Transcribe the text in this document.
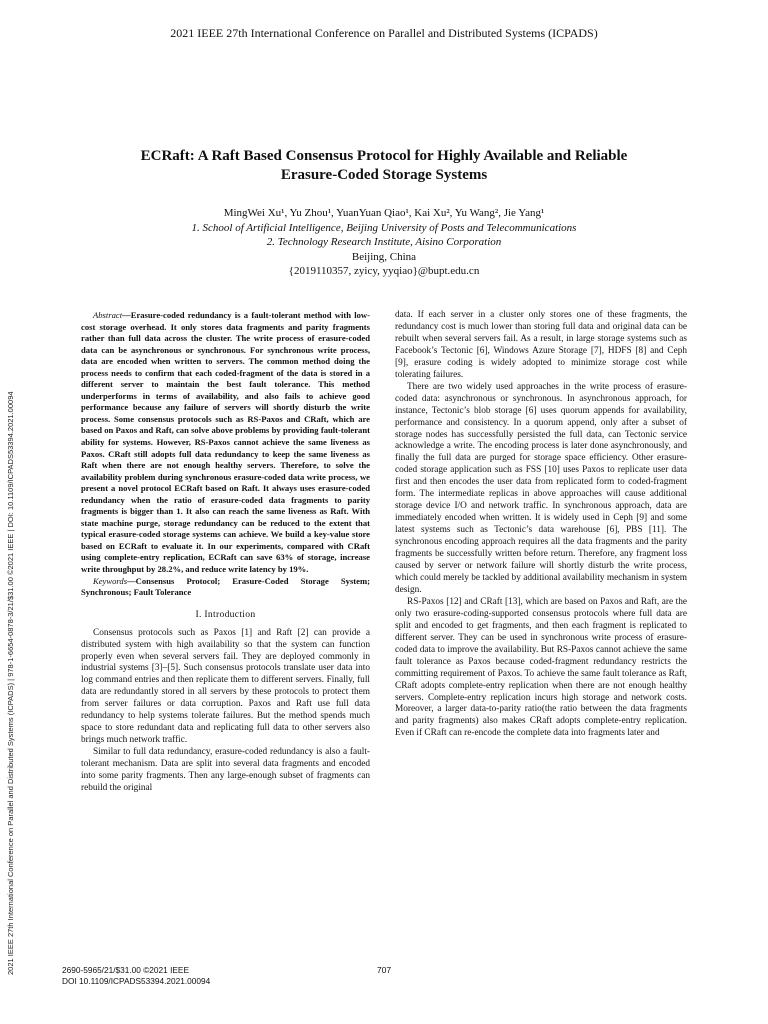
2021 IEEE 27th International Conference on Parallel and Distributed Systems (ICPADS)
2021 IEEE 27th International Conference on Parallel and Distributed Systems (ICPADS) | 978-1-6654-0878-3/21/$31.00 ©2021 IEEE | DOI: 10.1109/ICPADS53394.2021.00094
ECRaft: A Raft Based Consensus Protocol for Highly Available and Reliable
Erasure-Coded Storage Systems
MingWei Xu¹, Yu Zhou¹, YuanYuan Qiao¹, Kai Xu², Yu Wang², Jie Yang¹
1. School of Artificial Intelligence, Beijing University of Posts and Telecommunications
2. Technology Research Institute, Aisino Corporation
Beijing, China
{2019110357, zyicy, yyqiao}@bupt.edu.cn

Abstract—Erasure-coded redundancy is a fault-tolerant method with low-cost storage overhead. It only stores data fragments and parity fragments rather than full data across the cluster. The write process of erasure-coded data can be asynchronous or synchronous. For synchronous write process, data are encoded when written to servers. The common method doing the process needs to confirm that each coded-fragment of the data is stored in a different server to maintain the best fault tolerance. This method underperforms in terms of availability, and also fails to achieve good performance because any failure of servers will shortly disturb the write process. Some consensus protocols such as RS-Paxos and CRaft, which are based on Paxos and Raft, can solve above problems by providing fault-tolerant ability for systems. However, RS-Paxos cannot achieve the same liveness as Paxos. CRaft still adopts full data redundancy to keep the same liveness as Raft when there are not enough healthy servers. Therefore, to solve the availability problem during synchronous erasure-coded data write process, we present a novel protocol ECRaft based on Raft. It always uses erasure-coded redundancy when the ratio of erasure-coded data fragments to parity fragments is bigger than 1. It also can reach the same liveness as Raft. With state machine purge, storage redundancy can be reduced to the extent that typical erasure-coded storage systems can achieve. We build a key-value store based on ECRaft to evaluate it. In our experiments, compared with CRaft using complete-entry replication, ECRaft can save 63% of storage, increase write throughput by 28.2%, and reduce write latency by 19%.

Keywords—Consensus Protocol; Erasure-Coded Storage System; Synchronous; Fault Tolerance

I. Introduction

Consensus protocols such as Paxos [1] and Raft [2] can provide a distributed system with high availability so that the system can function properly even when several servers fail. They are deployed commonly in industrial systems [3]–[5]. Such consensus protocols translate user data into log command entries and then replicate them to different servers. Finally, full data are redundantly stored in all servers by these protocols to protect them from server failures or data corruption. Paxos and Raft use full data redundancy to help systems tolerate failures. But the method spends much space to store redundant data and replicating full data to other servers also brings much network traffic.

Similar to full data redundancy, erasure-coded redundancy is also a fault-tolerant mechanism. Data are split into several data fragments and encoded into some parity fragments. Then any large-enough subset of fragments can rebuild the original

data. If each server in a cluster only stores one of these fragments, the redundancy cost is much lower than storing full data and original data can be rebuilt when several servers fail. As a result, in large storage systems such as Facebook’s Tectonic [6], Windows Azure Storage [7], HDFS [8] and Ceph [9], erasure coding is widely adopted to minimize storage cost while tolerating failures.

There are two widely used approaches in the write process of erasure-coded data: asynchronous or synchronous. In asynchronous approach, for instance, Tectonic’s blob storage [6] uses quorum appends for availability, performance and consistency. In a quorum append, only after a subset of storage nodes has successfully persisted the full data, can Tectonic service acknowledge a write. The encoding process is later done asynchronously, and finally the full data are purged for storage space efficiency. Other erasure-coded storage application such as FSS [10] uses Paxos to replicate user data first and then encodes the user data from replicated form to coded-fragment form. The intermediate replicas in above approaches will cause additional storage device I/O and network traffic. In synchronous approach, data are immediately encoded when written. It is widely used in Ceph [9] and some latest systems such as Tectonic’s data warehouse [6], PBS [11]. The synchronous encoding approach requires all the data fragments and the parity fragments be successfully written before return. Therefore, any fragment loss caused by server or network failure will shortly disturb the write process, which could merely be tackled by additional availability mechanism in system design.

RS-Paxos [12] and CRaft [13], which are based on Paxos and Raft, are the only two erasure-coding-supported consensus protocols where full data are split and encoded to get fragments, and then each fragment is replicated to different server. They can be used in synchronous write process of erasure-coded data to improve the availability. But RS-Paxos cannot achieve the same fault tolerance as Paxos because coded-fragment redundancy restricts the committing requirement of Paxos. To achieve the same fault tolerance as Raft, CRaft adopts complete-entry replication when there are not enough healthy servers. Complete-entry replication incurs high storage and network costs. Moreover, a larger data-to-parity ratio(the ratio between the data fragments and parity fragments) also makes CRaft adopts complete-entry replication. Even if CRaft can re-encode the complete data into fragments later and

2690-5965/21/$31.00 ©2021 IEEE
DOI 10.1109/ICPADS53394.2021.00094
707
